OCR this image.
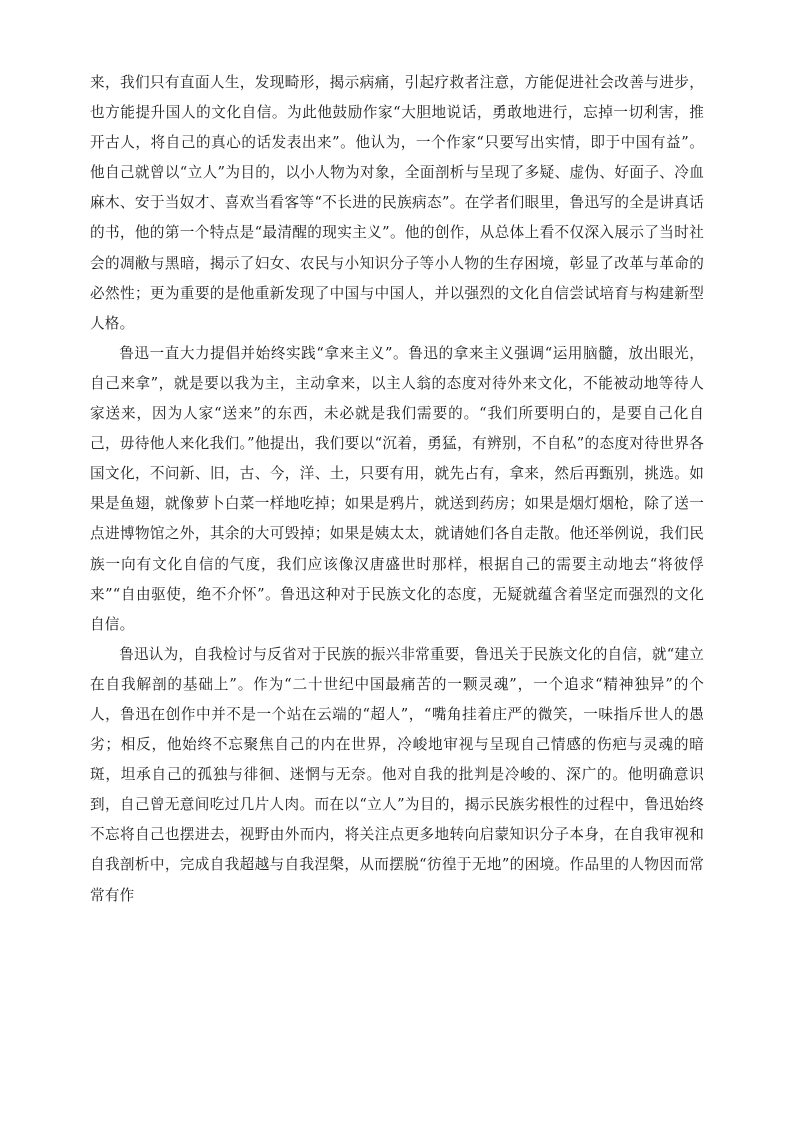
来，我们只有直面人生，发现畸形，揭示病痛，引起疗救者注意，方能促进社会改善与进步，也方能提升国人的文化自信。为此他鼓励作家“大胆地说话，勇敢地进行，忘掉一切利害，推开古人，将自己的真心的话发表出来”。他认为，一个作家“只要写出实情，即于中国有益”。他自己就曾以“立人”为目的，以小人物为对象，全面剖析与呈现了多疑、虚伪、好面子、冷血麻木、安于当奴才、喜欢当看客等“不长进的民族病态”。在学者们眼里，鲁迅写的全是讲真话的书，他的第一个特点是“最清醒的现实主义”。他的创作，从总体上看不仅深入展示了当时社会的凋敝与黑暗，揭示了妇女、农民与小知识分子等小人物的生存困境，彰显了改革与革命的必然性；更为重要的是他重新发现了中国与中国人，并以强烈的文化自信尝试培育与构建新型人格。

鲁迅一直大力提倡并始终实践“拿来主义”。鲁迅的拿来主义强调“运用脑髓，放出眼光，自己来拿”，就是要以我为主，主动拿来，以主人翁的态度对待外来文化，不能被动地等待人家送来，因为人家“送来”的东西，未必就是我们需要的。“我们所要明白的，是要自己化自己，毋待他人来化我们。”他提出，我们要以“沉着，勇猛，有辨别，不自私”的态度对待世界各国文化，不问新、旧，古、今，洋、土，只要有用，就先占有，拿来，然后再甄别，挑选。如果是鱼翅，就像萝卜白菜一样地吃掉；如果是鸦片，就送到药房；如果是烟灯烟枪，除了送一点进博物馆之外，其余的大可毁掉；如果是姨太太，就请她们各自走散。他还举例说，我们民族一向有文化自信的气度，我们应该像汉唐盛世时那样，根据自己的需要主动地去“将彼俘来”“自由驱使，绝不介怀”。鲁迅这种对于民族文化的态度，无疑就蕴含着坚定而强烈的文化自信。

鲁迅认为，自我检讨与反省对于民族的振兴非常重要，鲁迅关于民族文化的自信，就“建立在自我解剖的基础上”。作为“二十世纪中国最痛苦的一颗灵魂”，一个追求“精神独异”的个人，鲁迅在创作中并不是一个站在云端的“超人”，“嘴角挂着庄严的微笑，一味指斥世人的愚劣；相反，他始终不忘聚焦自己的内在世界，冷峻地审视与呈现自己情感的伤疤与灵魂的暗斑，坦承自己的孤独与徘徊、迷惘与无奈。他对自我的批判是冷峻的、深广的。他明确意识到，自己曾无意间吃过几片人肉。而在以“立人”为目的，揭示民族劣根性的过程中，鲁迅始终不忘将自己也摆进去，视野由外而内，将关注点更多地转向启蒙知识分子本身，在自我审视和自我剖析中，完成自我超越与自我涅槃，从而摆脱“彷徨于无地”的困境。作品里的人物因而常常有作
